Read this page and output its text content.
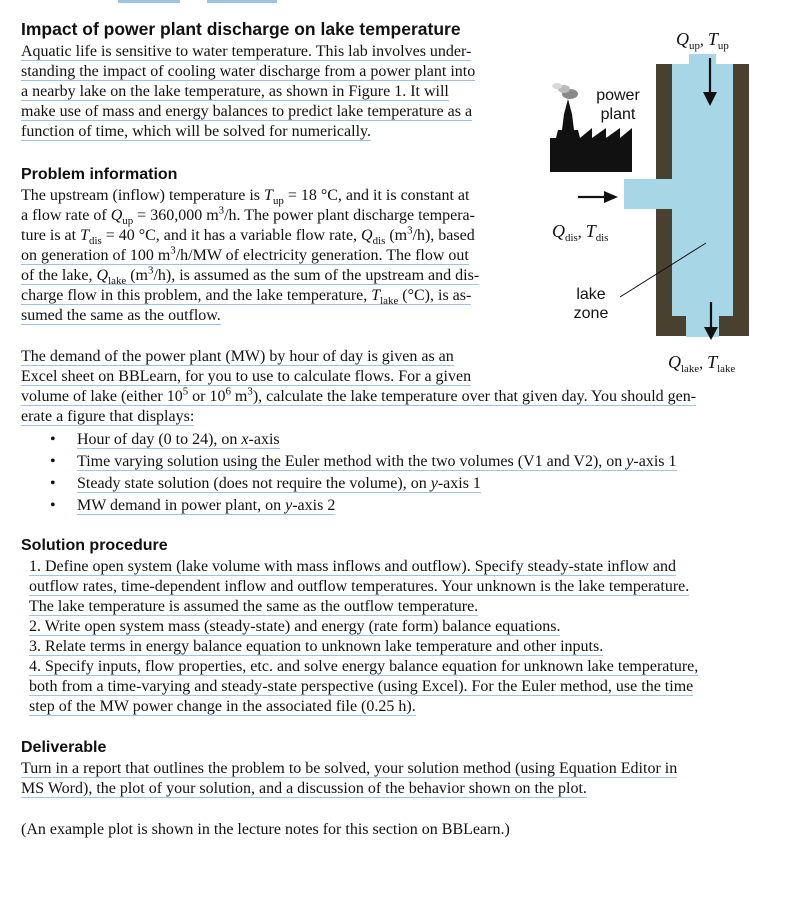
Impact of power plant discharge on lake temperature
Aquatic life is sensitive to water temperature. This lab involves under-
standing the impact of cooling water discharge from a power plant into
a nearby lake on the lake temperature, as shown in Figure 1. It will
make use of mass and energy balances to predict lake temperature as a
function of time, which will be solved for numerically.
Problem information
The upstream (inflow) temperature is $T_{up} = 18$ °C, and it is constant at
a flow rate of $Q_{up} = 360,000$ $m^3/h$. The power plant discharge tempera-
ture is at $T_{dis} = 40$ °C, and it has a variable flow rate, $Q_{dis}$ $(m^3/h)$, based
on generation of 100 $m^3/h/MW$ of electricity generation. The flow out
of the lake, $Q_{lake}$ $(m^3/h)$, is assumed as the sum of the upstream and dis-
charge flow in this problem, and the lake temperature, $T_{lake}$ (°C), is as-
sumed the same as the outflow.
The demand of the power plant (MW) by hour of day is given as an
Excel sheet on BBLearn, for you to use to calculate flows. For a given
volume of lake (either $10^5$ or $10^6$ $m^3$), calculate the lake temperature over that given day. You should gen-
erate a figure that displays:
• Hour of day (0 to 24), on x-axis
• Time varying solution using the Euler method with the two volumes (V1 and V2), on y-axis 1
• Steady state solution (does not require the volume), on y-axis 1
• MW demand in power plant, on y-axis 2
Solution procedure
1. Define open system (lake volume with mass inflows and outflow). Specify steady-state inflow and
outflow rates, time-dependent inflow and outflow temperatures. Your unknown is the lake temperature.
The lake temperature is assumed the same as the outflow temperature.
2. Write open system mass (steady-state) and energy (rate form) balance equations.
3. Relate terms in energy balance equation to unknown lake temperature and other inputs.
4. Specify inputs, flow properties, etc. and solve energy balance equation for unknown lake temperature,
both from a time-varying and steady-state perspective (using Excel). For the Euler method, use the time
step of the MW power change in the associated file (0.25 h).
Deliverable
Turn in a report that outlines the problem to be solved, your solution method (using Equation Editor in
MS Word), the plot of your solution, and a discussion of the behavior shown on the plot.
(An example plot is shown in the lecture notes for this section on BBLearn.)
$Q_{up}$, $T_{up}$
power
plant
$Q_{dis}$, $T_{dis}$
lake
zone
$Q_{lake}$, $T_{lake}$
